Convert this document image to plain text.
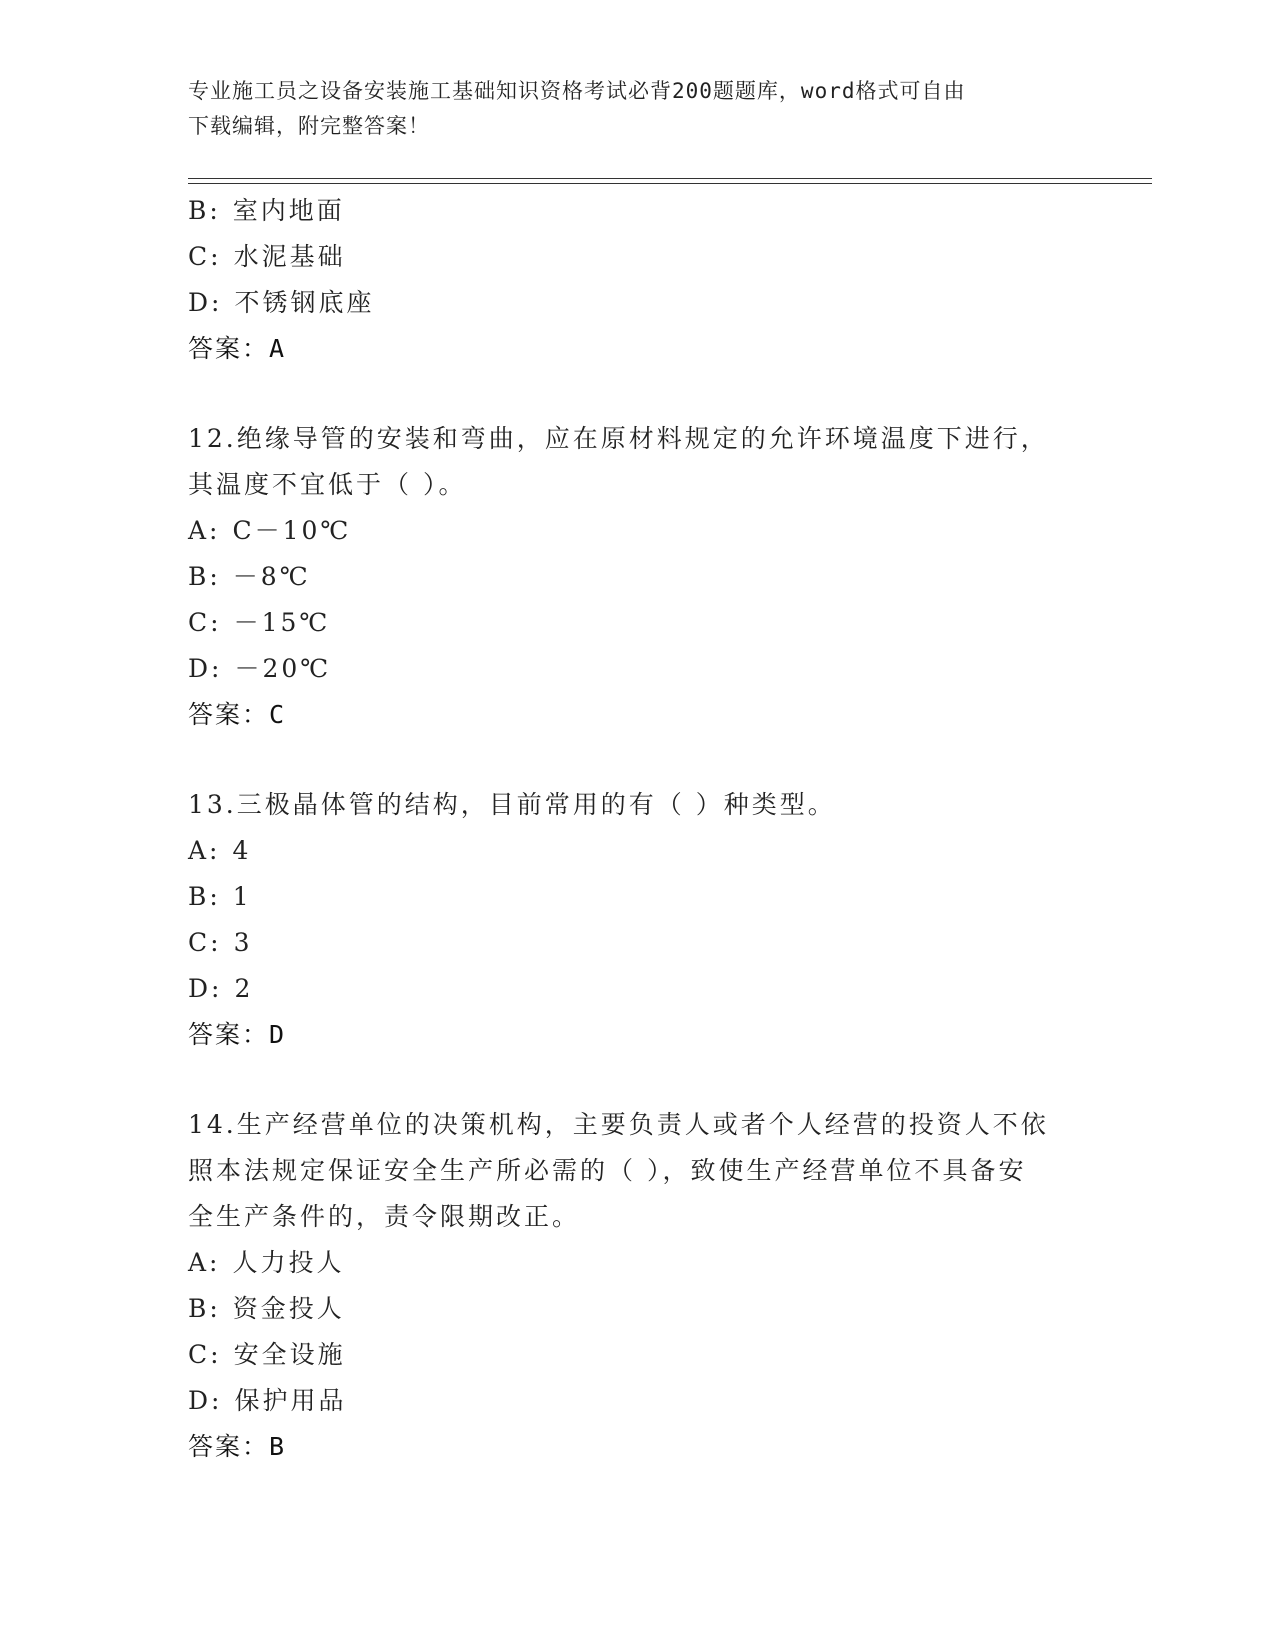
专业施工员之设备安装施工基础知识资格考试必背200题题库，word格式可自由
下载编辑，附完整答案！
B: 室内地面
C: 水泥基础
D: 不锈钢底座
答案：A
12.绝缘导管的安装和弯曲，应在原材料规定的允许环境温度下进行，
其温度不宜低于（ ）。
A: C－10℃
B: －8℃
C: －15℃
D: －20℃
答案：C
13.三极晶体管的结构，目前常用的有（ ）种类型。
A: 4
B: 1
C: 3
D: 2
答案：D
14.生产经营单位的决策机构，主要负责人或者个人经营的投资人不依
照本法规定保证安全生产所必需的（ ），致使生产经营单位不具备安
全生产条件的，责令限期改正。
A: 人力投人
B: 资金投人
C: 安全设施
D: 保护用品
答案：B
